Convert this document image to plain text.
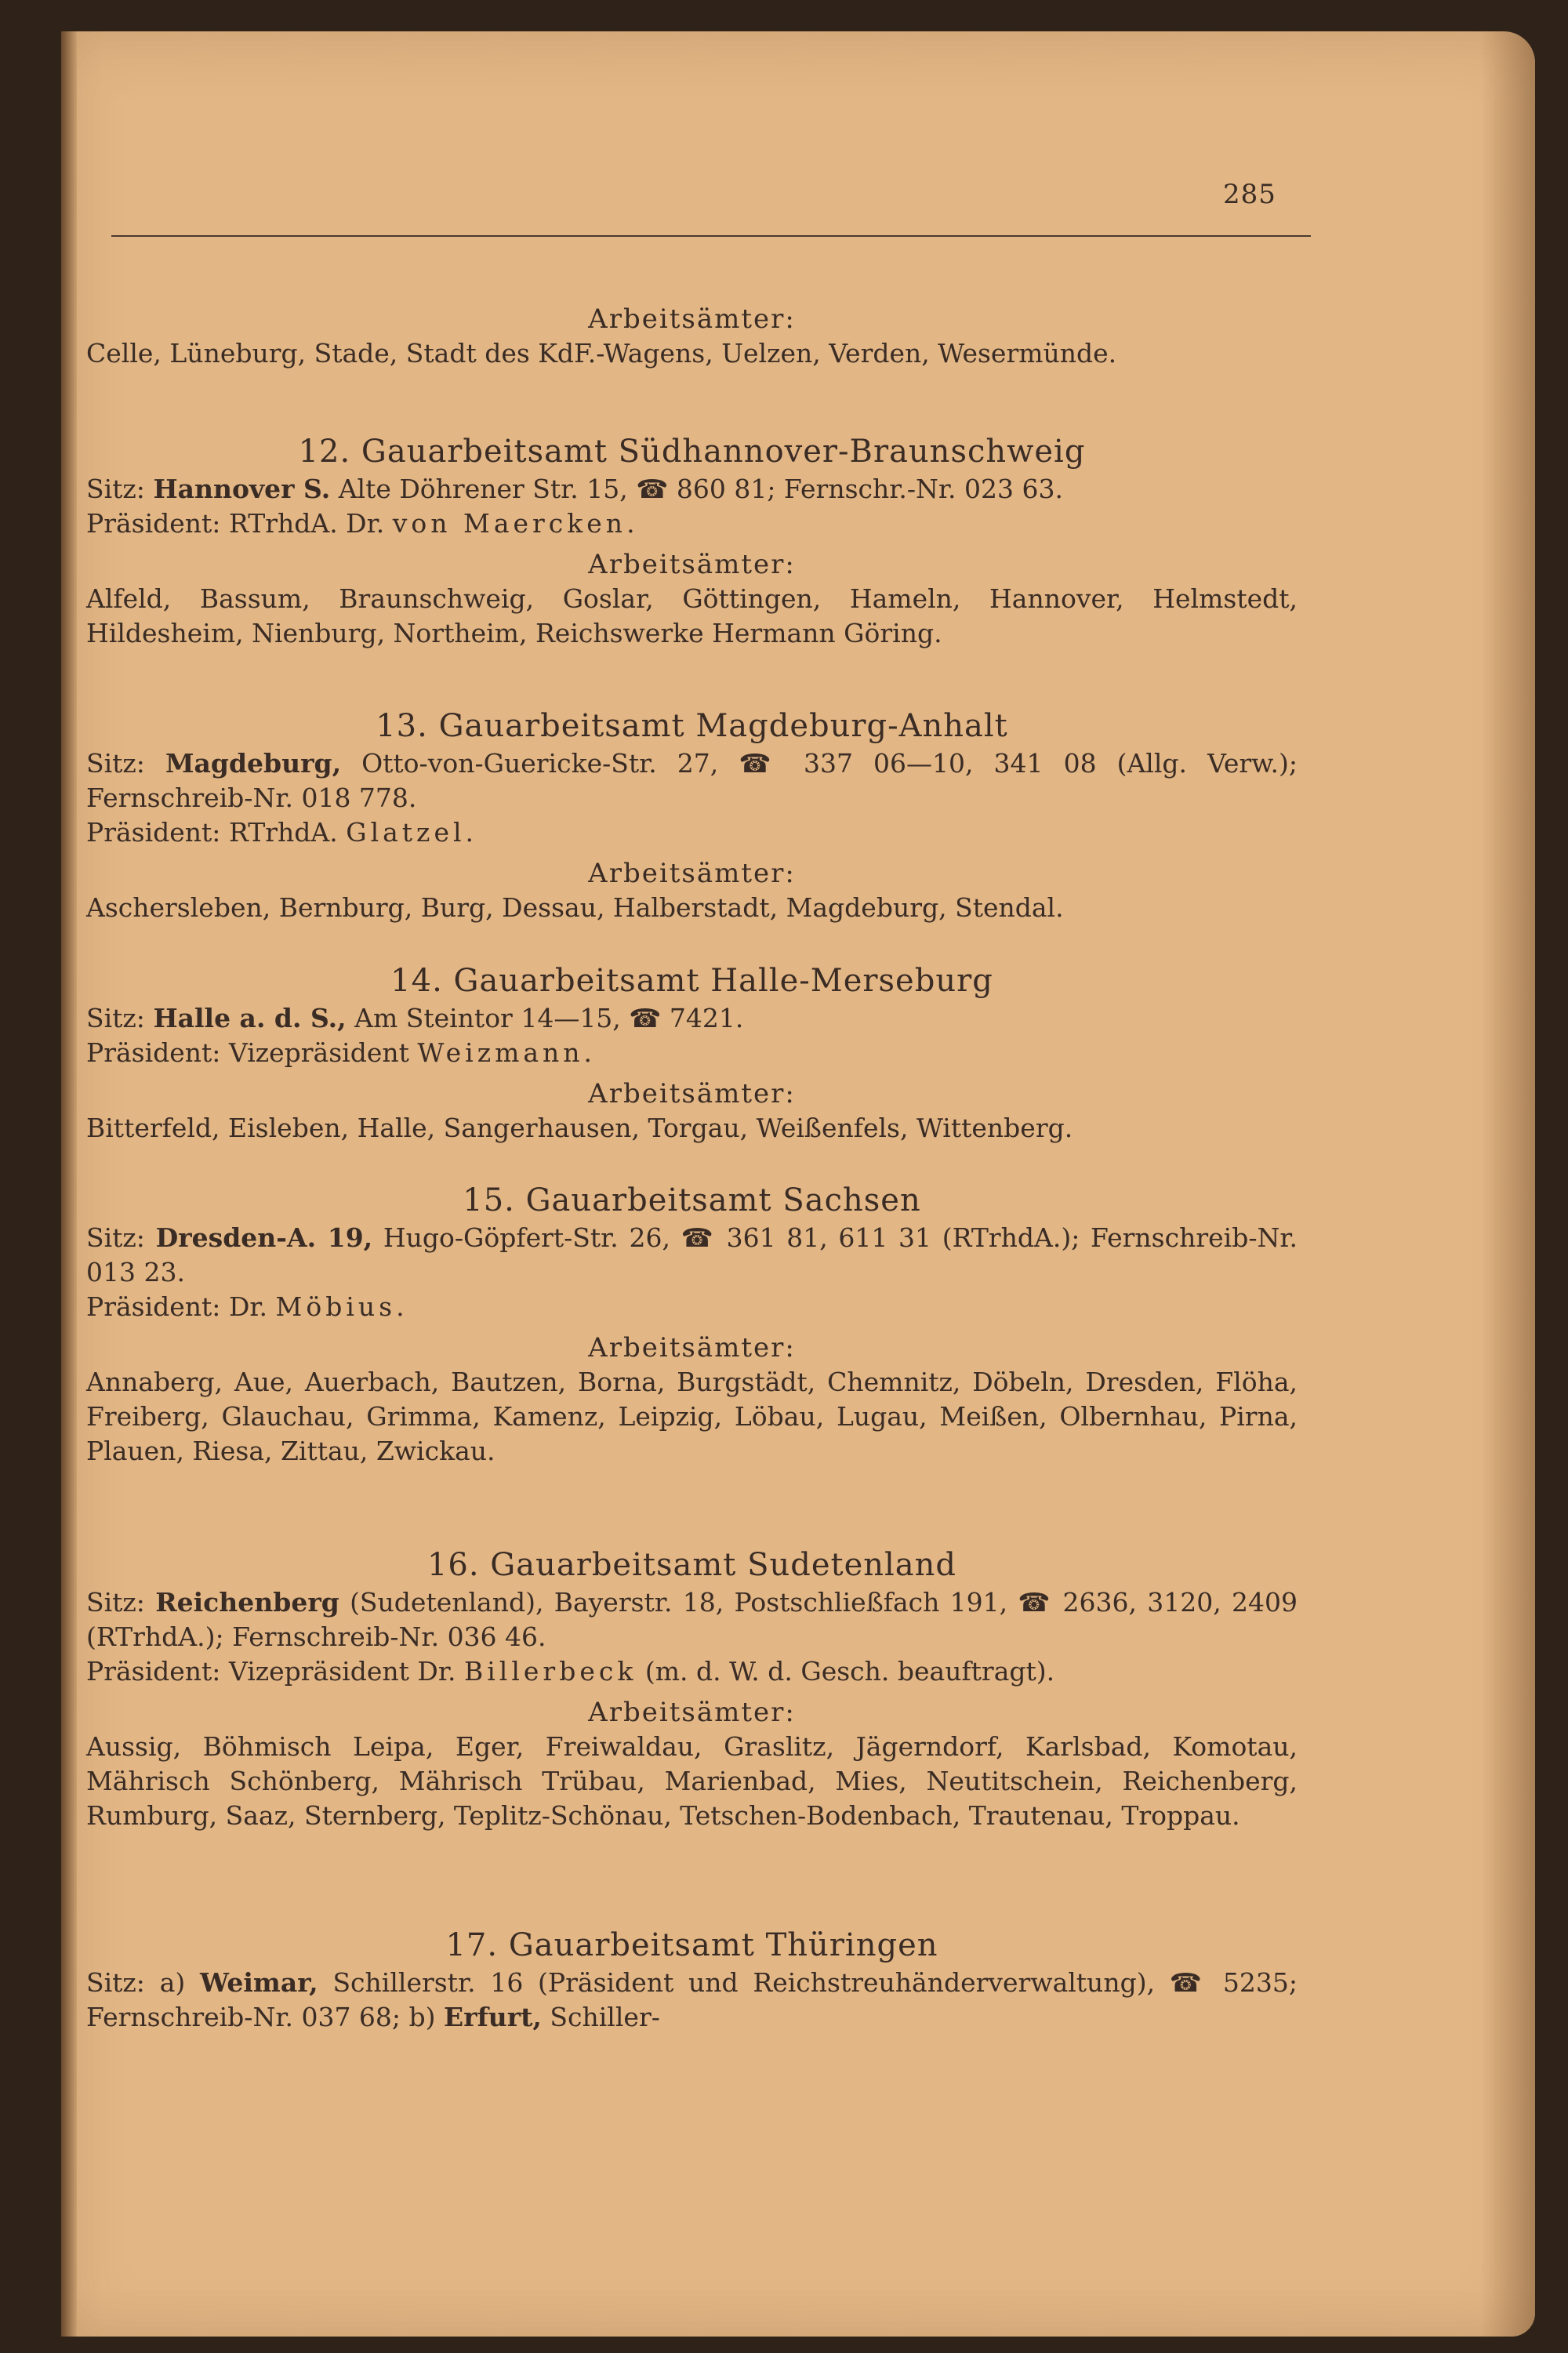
285

Arbeitsämter:

Celle, Lüneburg, Stade, Stadt des KdF.-Wagens, Uelzen, Verden, Wesermünde.

12. Gauarbeitsamt Südhannover-Braunschweig

Sitz: Hannover S. Alte Döhrener Str. 15, ☎ 860 81; Fernschr.-Nr. 023 63.

Präsident: RTrhdA. Dr. von Maercken.

Arbeitsämter:

Alfeld, Bassum, Braunschweig, Goslar, Göttingen, Hameln, Hannover, Helmstedt, Hildesheim, Nienburg, Northeim, Reichswerke Hermann Göring.

13. Gauarbeitsamt Magdeburg-Anhalt

Sitz: Magdeburg, Otto-von-Guericke-Str. 27, ☎ 337 06—10, 341 08 (Allg. Verw.); Fernschreib-Nr. 018 778.

Präsident: RTrhdA. Glatzel.

Arbeitsämter:

Aschersleben, Bernburg, Burg, Dessau, Halberstadt, Magdeburg, Stendal.

14. Gauarbeitsamt Halle-Merseburg

Sitz: Halle a. d. S., Am Steintor 14—15, ☎ 7421.

Präsident: Vizepräsident Weizmann.

Arbeitsämter:

Bitterfeld, Eisleben, Halle, Sangerhausen, Torgau, Weißenfels, Wittenberg.

15. Gauarbeitsamt Sachsen

Sitz: Dresden-A. 19, Hugo-Göpfert-Str. 26, ☎ 361 81, 611 31 (RTrhdA.); Fernschreib-Nr. 013 23.

Präsident: Dr. Möbius.

Arbeitsämter:

Annaberg, Aue, Auerbach, Bautzen, Borna, Burgstädt, Chemnitz, Döbeln, Dresden, Flöha, Freiberg, Glauchau, Grimma, Kamenz, Leipzig, Löbau, Lugau, Meißen, Olbernhau, Pirna, Plauen, Riesa, Zittau, Zwickau.

16. Gauarbeitsamt Sudetenland

Sitz: Reichenberg (Sudetenland), Bayerstr. 18, Postschließfach 191, ☎ 2636, 3120, 2409 (RTrhdA.); Fernschreib-Nr. 036 46.

Präsident: Vizepräsident Dr. Billerbeck (m. d. W. d. Gesch. beauftragt).

Arbeitsämter:

Aussig, Böhmisch Leipa, Eger, Freiwaldau, Graslitz, Jägerndorf, Karlsbad, Komotau, Mährisch Schönberg, Mährisch Trübau, Marienbad, Mies, Neutitschein, Reichenberg, Rumburg, Saaz, Sternberg, Teplitz-Schönau, Tetschen-Bodenbach, Trautenau, Troppau.

17. Gauarbeitsamt Thüringen

Sitz: a) Weimar, Schillerstr. 16 (Präsident und Reichstreuhänderverwaltung), ☎ 5235; Fernschreib-Nr. 037 68; b) Erfurt, Schiller-
